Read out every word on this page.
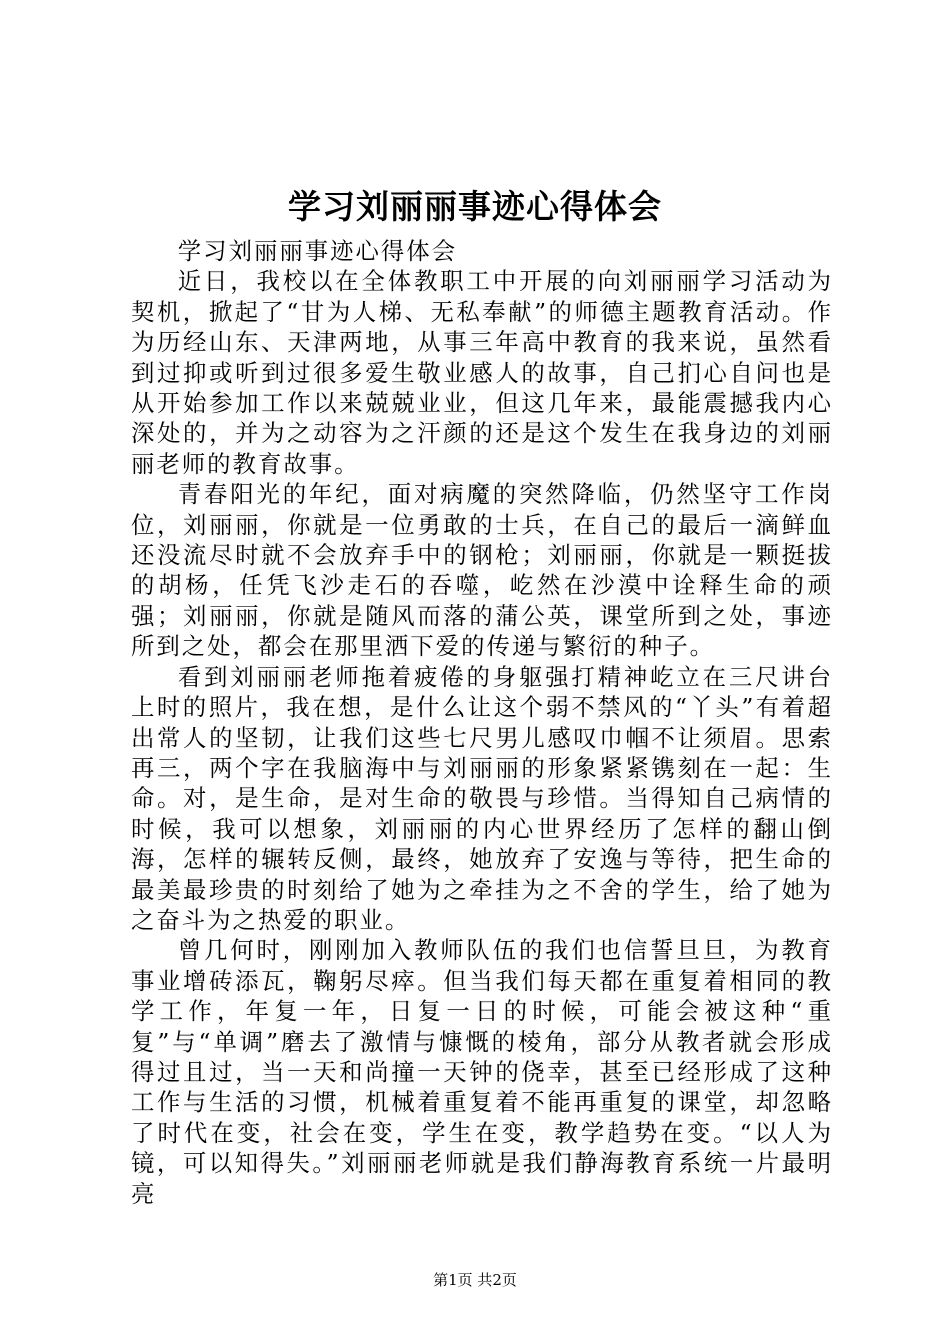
学习刘丽丽事迹心得体会

学习刘丽丽事迹心得体会

近日，我校以在全体教职工中开展的向刘丽丽学习活动为契机，掀起了“甘为人梯、无私奉献”的师德主题教育活动。作为历经山东、天津两地，从事三年高中教育的我来说，虽然看到过抑或听到过很多爱生敬业感人的故事，自己扪心自问也是从开始参加工作以来兢兢业业，但这几年来，最能震撼我内心深处的，并为之动容为之汗颜的还是这个发生在我身边的刘丽丽老师的教育故事。

青春阳光的年纪，面对病魔的突然降临，仍然坚守工作岗位，刘丽丽，你就是一位勇敢的士兵，在自己的最后一滴鲜血还没流尽时就不会放弃手中的钢枪；刘丽丽，你就是一颗挺拔的胡杨，任凭飞沙走石的吞噬，屹然在沙漠中诠释生命的顽强；刘丽丽，你就是随风而落的蒲公英，课堂所到之处，事迹所到之处，都会在那里洒下爱的传递与繁衍的种子。

看到刘丽丽老师拖着疲倦的身躯强打精神屹立在三尺讲台上时的照片，我在想，是什么让这个弱不禁风的“丫头”有着超出常人的坚韧，让我们这些七尺男儿感叹巾帼不让须眉。思索再三，两个字在我脑海中与刘丽丽的形象紧紧镌刻在一起：生命。对，是生命，是对生命的敬畏与珍惜。当得知自己病情的时候，我可以想象，刘丽丽的内心世界经历了怎样的翻山倒海，怎样的辗转反侧，最终，她放弃了安逸与等待，把生命的最美最珍贵的时刻给了她为之牵挂为之不舍的学生，给了她为之奋斗为之热爱的职业。

曾几何时，刚刚加入教师队伍的我们也信誓旦旦，为教育事业增砖添瓦，鞠躬尽瘁。但当我们每天都在重复着相同的教学工作，年复一年，日复一日的时候，可能会被这种“重复”与“单调”磨去了激情与慷慨的棱角，部分从教者就会形成得过且过，当一天和尚撞一天钟的侥幸，甚至已经形成了这种工作与生活的习惯，机械着重复着不能再重复的课堂，却忽略了时代在变，社会在变，学生在变，教学趋势在变。“以人为镜，可以知得失。”刘丽丽老师就是我们静海教育系统一片最明亮

第1页 共2页
